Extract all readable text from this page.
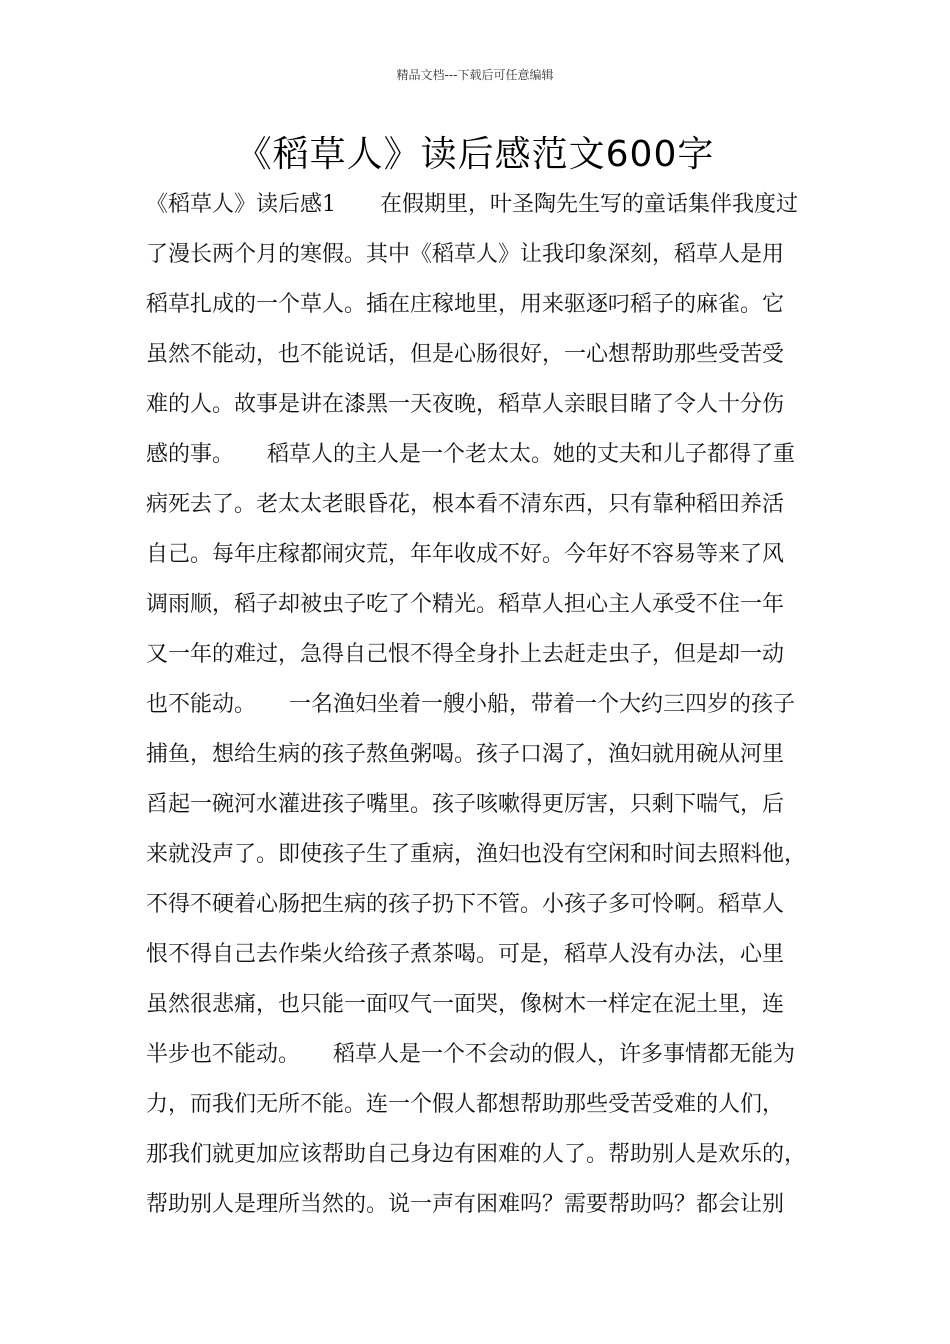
精品文档---下载后可任意编辑
《稻草人》读后感范文600字
《稻草人》读后感1　　在假期里，叶圣陶先生写的童话集伴我度过
了漫长两个月的寒假。其中《稻草人》让我印象深刻，稻草人是用
稻草扎成的一个草人。插在庄稼地里，用来驱逐叼稻子的麻雀。它
虽然不能动，也不能说话，但是心肠很好，一心想帮助那些受苦受
难的人。故事是讲在漆黑一天夜晚，稻草人亲眼目睹了令人十分伤
感的事。　　稻草人的主人是一个老太太。她的丈夫和儿子都得了重
病死去了。老太太老眼昏花，根本看不清东西，只有靠种稻田养活
自己。每年庄稼都闹灾荒，年年收成不好。今年好不容易等来了风
调雨顺，稻子却被虫子吃了个精光。稻草人担心主人承受不住一年
又一年的难过，急得自己恨不得全身扑上去赶走虫子，但是却一动
也不能动。　　一名渔妇坐着一艘小船，带着一个大约三四岁的孩子
捕鱼，想给生病的孩子熬鱼粥喝。孩子口渴了，渔妇就用碗从河里
舀起一碗河水灌进孩子嘴里。孩子咳嗽得更厉害，只剩下喘气，后
来就没声了。即使孩子生了重病，渔妇也没有空闲和时间去照料他，
不得不硬着心肠把生病的孩子扔下不管。小孩子多可怜啊。稻草人
恨不得自己去作柴火给孩子煮茶喝。可是，稻草人没有办法，心里
虽然很悲痛，也只能一面叹气一面哭，像树木一样定在泥土里，连
半步也不能动。　　稻草人是一个不会动的假人，许多事情都无能为
力，而我们无所不能。连一个假人都想帮助那些受苦受难的人们，
那我们就更加应该帮助自己身边有困难的人了。帮助别人是欢乐的，
帮助别人是理所当然的。说一声有困难吗？需要帮助吗？都会让别
